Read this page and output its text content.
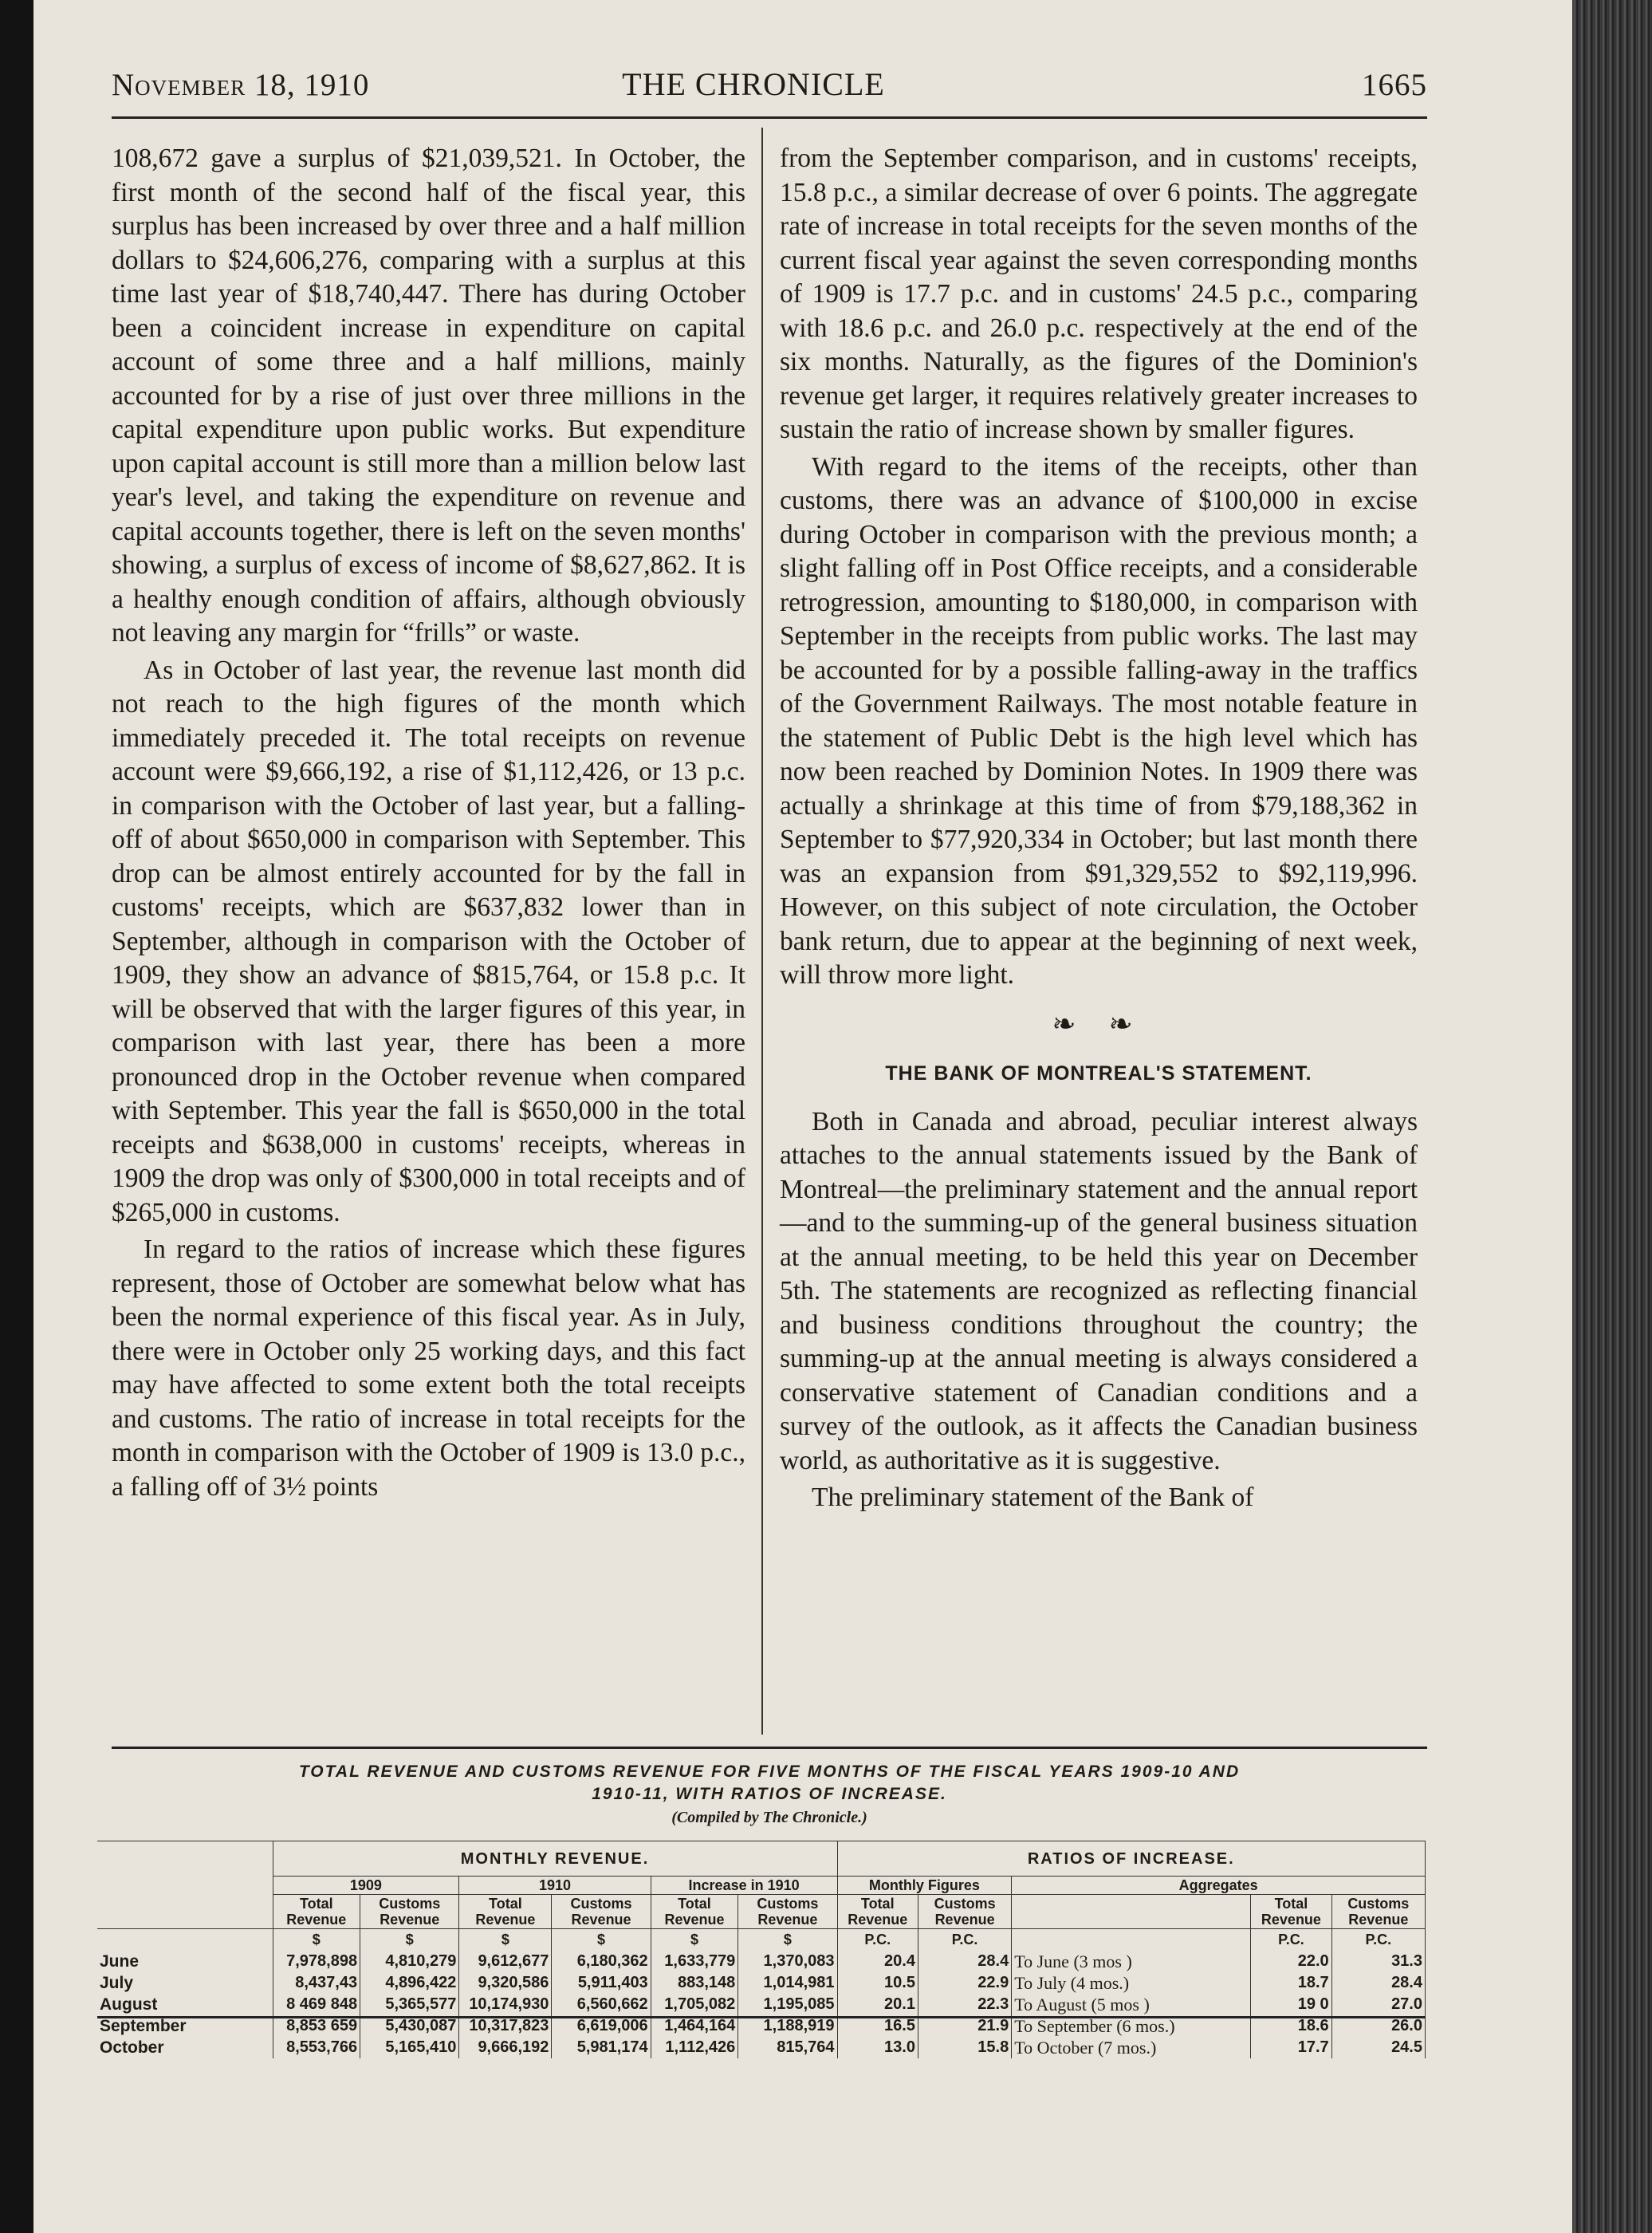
November 18, 1910	THE CHRONICLE	1665

108,672 gave a surplus of $21,039,521. In October, the first month of the second half of the fiscal year, this surplus has been increased by over three and a half million dollars to $24,606,276, comparing with a surplus at this time last year of $18,740,447. There has during October been a coincident increase in expenditure on capital account of some three and a half millions, mainly accounted for by a rise of just over three millions in the capital expenditure upon public works. But expenditure upon capital account is still more than a million below last year's level, and taking the expenditure on revenue and capital accounts together, there is left on the seven months' showing, a surplus of excess of income of $8,627,862. It is a healthy enough condition of affairs, although obviously not leaving any margin for “frills” or waste.

As in October of last year, the revenue last month did not reach to the high figures of the month which immediately preceded it. The total receipts on revenue account were $9,666,192, a rise of $1,112,426, or 13 p.c. in comparison with the October of last year, but a falling-off of about $650,000 in comparison with September. This drop can be almost entirely accounted for by the fall in customs' receipts, which are $637,832 lower than in September, although in comparison with the October of 1909, they show an advance of $815,764, or 15.8 p.c. It will be observed that with the larger figures of this year, in comparison with last year, there has been a more pronounced drop in the October revenue when compared with September. This year the fall is $650,000 in the total receipts and $638,000 in customs' receipts, whereas in 1909 the drop was only of $300,000 in total receipts and of $265,000 in customs.

In regard to the ratios of increase which these figures represent, those of October are somewhat below what has been the normal experience of this fiscal year. As in July, there were in October only 25 working days, and this fact may have affected to some extent both the total receipts and customs. The ratio of increase in total receipts for the month in comparison with the October of 1909 is 13.0 p.c., a falling off of 3½ points

from the September comparison, and in customs' receipts, 15.8 p.c., a similar decrease of over 6 points. The aggregate rate of increase in total receipts for the seven months of the current fiscal year against the seven corresponding months of 1909 is 17.7 p.c. and in customs' 24.5 p.c., comparing with 18.6 p.c. and 26.0 p.c. respectively at the end of the six months. Naturally, as the figures of the Dominion's revenue get larger, it requires relatively greater increases to sustain the ratio of increase shown by smaller figures.

With regard to the items of the receipts, other than customs, there was an advance of $100,000 in excise during October in comparison with the previous month; a slight falling off in Post Office receipts, and a considerable retrogression, amounting to $180,000, in comparison with September in the receipts from public works. The last may be accounted for by a possible falling-away in the traffics of the Government Railways. The most notable feature in the statement of Public Debt is the high level which has now been reached by Dominion Notes. In 1909 there was actually a shrinkage at this time of from $79,188,362 in September to $77,920,334 in October; but last month there was an expansion from $91,329,552 to $92,119,996. However, on this subject of note circulation, the October bank return, due to appear at the beginning of next week, will throw more light.

❧ ❧
THE BANK OF MONTREAL'S STATEMENT.

Both in Canada and abroad, peculiar interest always attaches to the annual statements issued by the Bank of Montreal—the preliminary statement and the annual report—and to the summing-up of the general business situation at the annual meeting, to be held this year on December 5th. The statements are recognized as reflecting financial and business conditions throughout the country; the summing-up at the annual meeting is always considered a conservative statement of Canadian conditions and a survey of the outlook, as it affects the Canadian business world, as authoritative as it is suggestive.

The preliminary statement of the Bank of

TOTAL REVENUE AND CUSTOMS REVENUE FOR FIVE MONTHS OF THE FISCAL YEARS 1909-10 AND
1910-11, WITH RATIOS OF INCREASE.
(Compiled by The Chronicle.)
	MONTHLY REVENUE.						RATIOS OF INCREASE.				
	1909		1910		Increase in 1910		Monthly Figures		Aggregates		
	Total Revenue	Customs Revenue	Total Revenue	Customs Revenue	Total Revenue	Customs Revenue	Total Revenue	Customs Revenue		Total Revenue	Customs Revenue
	$	$	$	$	$	$	P.C.	P.C.		P.C.	P.C.
June	7,978,898	4,810,279	9,612,677	6,180,362	1,633,779	1,370,083	20.4	28.4	To June (3 mos )	22.0	31.3
July	8,437,43	4,896,422	9,320,586	5,911,403	883,148	1,014,981	10.5	22.9	To July (4 mos.)	18.7	28.4
August	8 469 848	5,365,577	10,174,930	6,560,662	1,705,082	1,195,085	20.1	22.3	To August (5 mos )	19 0	27.0
September	8,853 659	5,430,087	10,317,823	6,619,006	1,464,164	1,188,919	16.5	21.9	To September (6 mos.)	18.6	26.0
October	8,553,766	5,165,410	9,666,192	5,981,174	1,112,426	815,764	13.0	15.8	To October (7 mos.)	17.7	24.5
